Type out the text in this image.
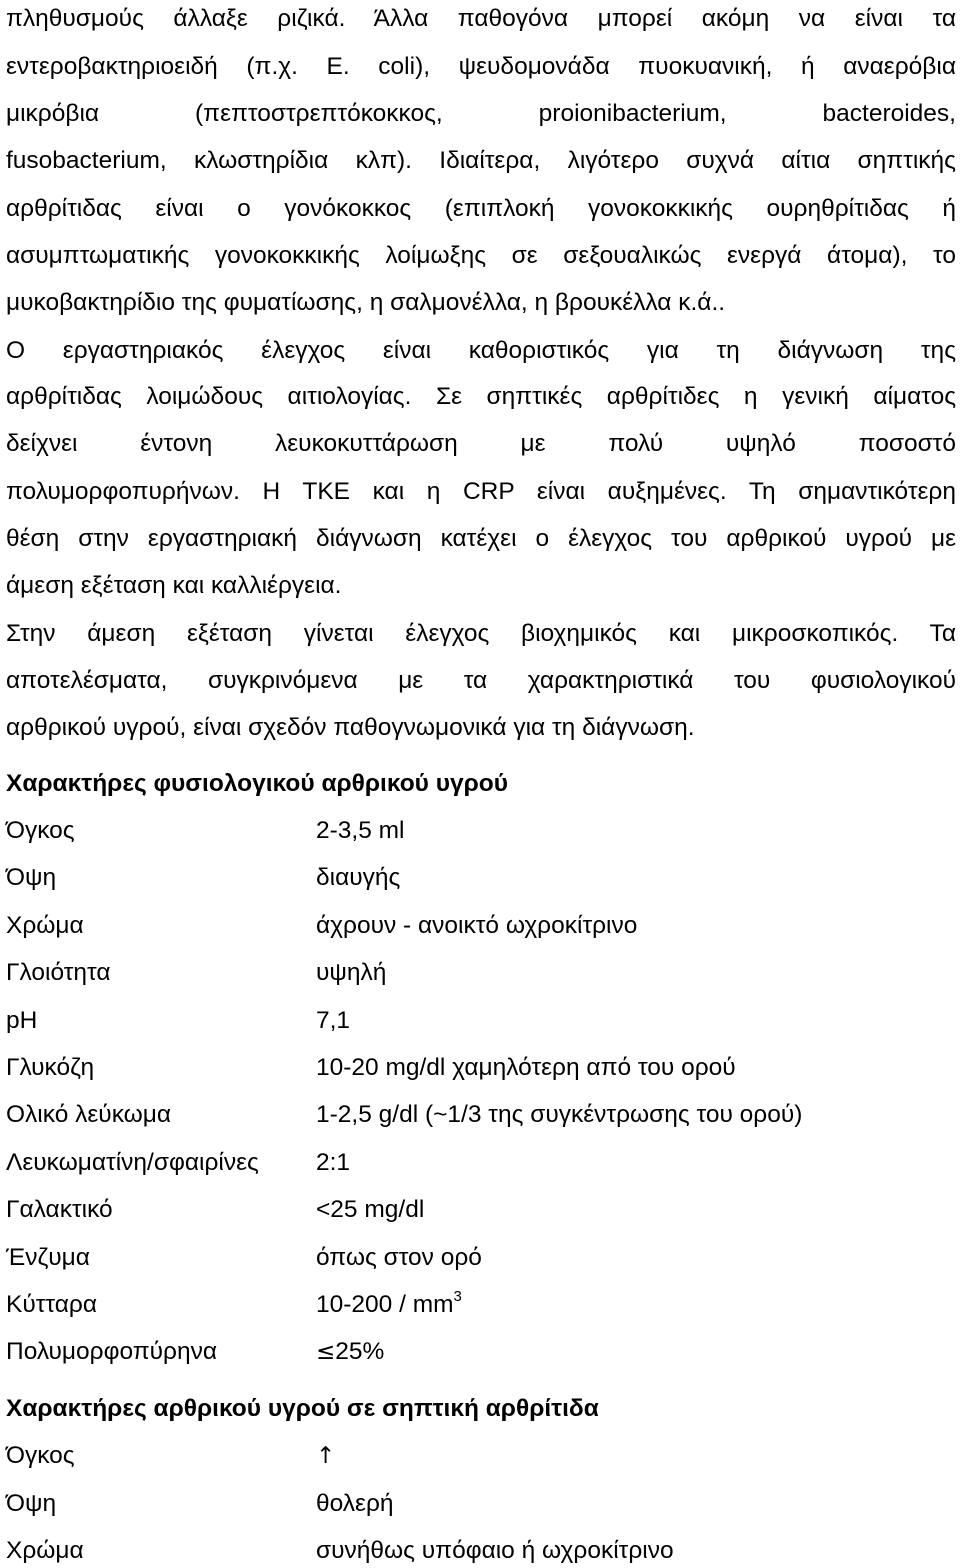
πληθυσμούς άλλαξε ριζικά. Άλλα παθογόνα μπορεί ακόμη να είναι τα
εντεροβακτηριοειδή (π.χ. E. coli), ψευδομονάδα πυοκυανική, ή αναερόβια
μικρόβια (πεπτοστρεπτόκοκκος, proionibacterium, bacteroides,
fusobacterium, κλωστηρίδια κλπ). Ιδιαίτερα, λιγότερο συχνά αίτια σηπτικής
αρθρίτιδας είναι ο γονόκοκκος (επιπλοκή γονοκοκκικής ουρηθρίτιδας ή
ασυμπτωματικής γονοκοκκικής λοίμωξης σε σεξουαλικώς ενεργά άτομα), το
μυκοβακτηρίδιο της φυματίωσης, η σαλμονέλλα, η βρουκέλλα κ.ά..
Ο εργαστηριακός έλεγχος είναι καθοριστικός για τη διάγνωση της
αρθρίτιδας λοιμώδους αιτιολογίας. Σε σηπτικές αρθρίτιδες η γενική αίματος
δείχνει έντονη λευκοκυττάρωση με πολύ υψηλό ποσοστό
πολυμορφοπυρήνων. Η ΤΚΕ και η CRP είναι αυξημένες. Τη σημαντικότερη
θέση στην εργαστηριακή διάγνωση κατέχει ο έλεγχος του αρθρικού υγρού με
άμεση εξέταση και καλλιέργεια.
Στην άμεση εξέταση γίνεται έλεγχος βιοχημικός και μικροσκοπικός. Τα
αποτελέσματα, συγκρινόμενα με τα χαρακτηριστικά του φυσιολογικού
αρθρικού υγρού, είναι σχεδόν παθογνωμονικά για τη διάγνωση.
Χαρακτήρες φυσιολογικού αρθρικού υγρού
Όγκος	2-3,5 ml
Όψη	διαυγής
Χρώμα	άχρουν - ανοικτό ωχροκίτρινο
Γλοιότητα	υψηλή
pH	7,1
Γλυκόζη	10-20 mg/dl χαμηλότερη από του ορού
Ολικό λεύκωμα	1-2,5 g/dl (~1/3 της συγκέντρωσης του ορού)
Λευκωματίνη/σφαιρίνες 2:1
Γαλακτικό	<25 mg/dl
Ένζυμα	όπως στον ορό
Κύτταρα	$10-200 / mm^3$
Πολυμορφοπύρηνα	≤25%
Χαρακτήρες αρθρικού υγρού σε σηπτική αρθρίτιδα
Όγκος	↑
Όψη	θολερή
Χρώμα	συνήθως υπόφαιο ή ωχροκίτρινο
